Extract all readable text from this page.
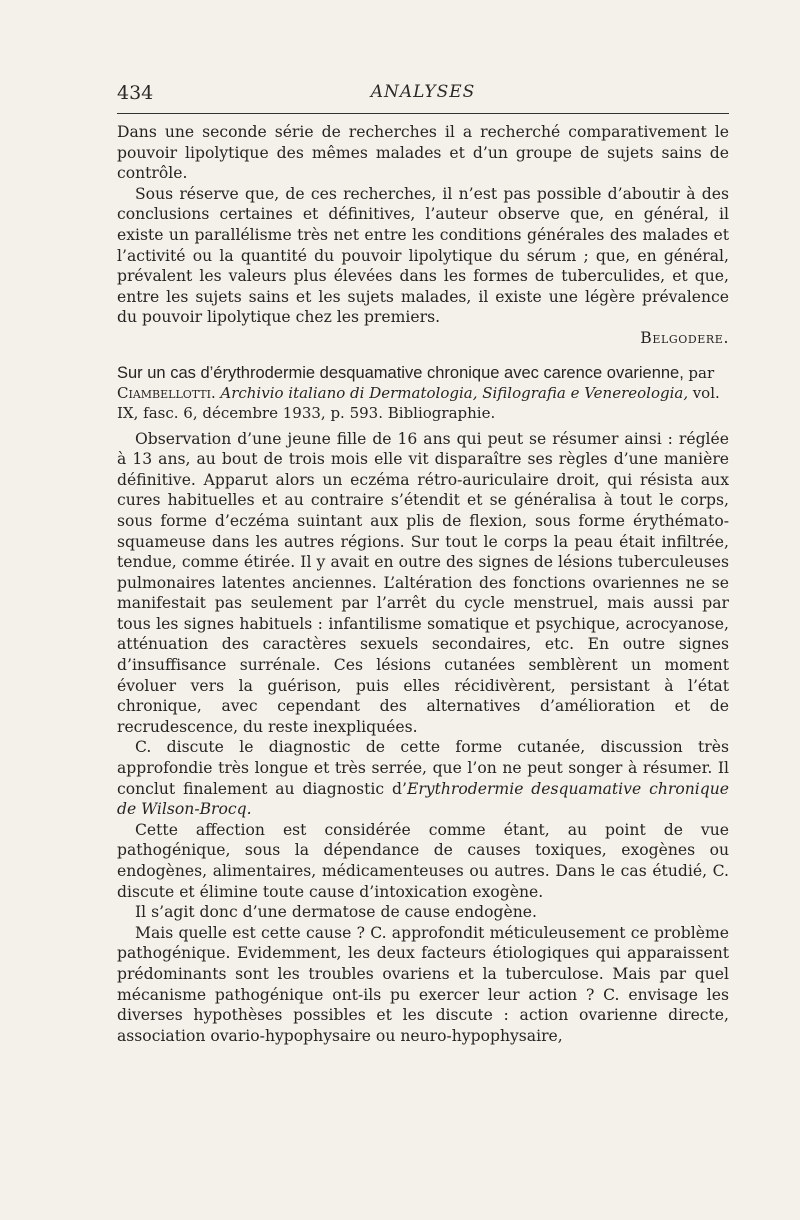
434	ANALYSES

Dans une seconde série de recherches il a recherché comparativement le pouvoir lipolytique des mêmes malades et d’un groupe de sujets sains de contrôle.

Sous réserve que, de ces recherches, il n’est pas possible d’aboutir à des conclusions certaines et définitives, l’auteur observe que, en général, il existe un parallélisme très net entre les conditions générales des malades et l’activité ou la quantité du pouvoir lipolytique du sérum ; que, en général, prévalent les valeurs plus élevées dans les formes de tuberculides, et que, entre les sujets sains et les sujets malades, il existe une légère prévalence du pouvoir lipolytique chez les premiers.

Belgodere.

Sur un cas d’érythrodermie desquamative chronique avec carence ovarienne, par Ciambellotti. Archivio italiano di Dermatologia, Sifilografia e Venereologia, vol. IX, fasc. 6, décembre 1933, p. 593. Bibliographie.

Observation d’une jeune fille de 16 ans qui peut se résumer ainsi : réglée à 13 ans, au bout de trois mois elle vit disparaître ses règles d’une manière définitive. Apparut alors un eczéma rétro-auriculaire droit, qui résista aux cures habituelles et au contraire s’étendit et se généralisa à tout le corps, sous forme d’eczéma suintant aux plis de flexion, sous forme érythémato-squameuse dans les autres régions. Sur tout le corps la peau était infiltrée, tendue, comme étirée. Il y avait en outre des signes de lésions tuberculeuses pulmonaires latentes anciennes. L’altération des fonctions ovariennes ne se manifestait pas seulement par l’arrêt du cycle menstruel, mais aussi par tous les signes habituels : infantilisme somatique et psychique, acrocyanose, atténuation des caractères sexuels secondaires, etc. En outre signes d’insuffisance surrénale. Ces lésions cutanées semblèrent un moment évoluer vers la guérison, puis elles récidivèrent, persistant à l’état chronique, avec cependant des alternatives d’amélioration et de recrudescence, du reste inexpliquées.

C. discute le diagnostic de cette forme cutanée, discussion très approfondie très longue et très serrée, que l’on ne peut songer à résumer. Il conclut finalement au diagnostic d’Erythrodermie desquamative chronique de Wilson-Brocq.

Cette affection est considérée comme étant, au point de vue pathogénique, sous la dépendance de causes toxiques, exogènes ou endogènes, alimentaires, médicamenteuses ou autres. Dans le cas étudié, C. discute et élimine toute cause d’intoxication exogène.

Il s’agit donc d’une dermatose de cause endogène.

Mais quelle est cette cause ? C. approfondit méticuleusement ce problème pathogénique. Evidemment, les deux facteurs étiologiques qui apparaissent prédominants sont les troubles ovariens et la tuberculose. Mais par quel mécanisme pathogénique ont-ils pu exercer leur action ? C. envisage les diverses hypothèses possibles et les discute : action ovarienne directe, association ovario-hypophysaire ou neuro-hypophysaire,
